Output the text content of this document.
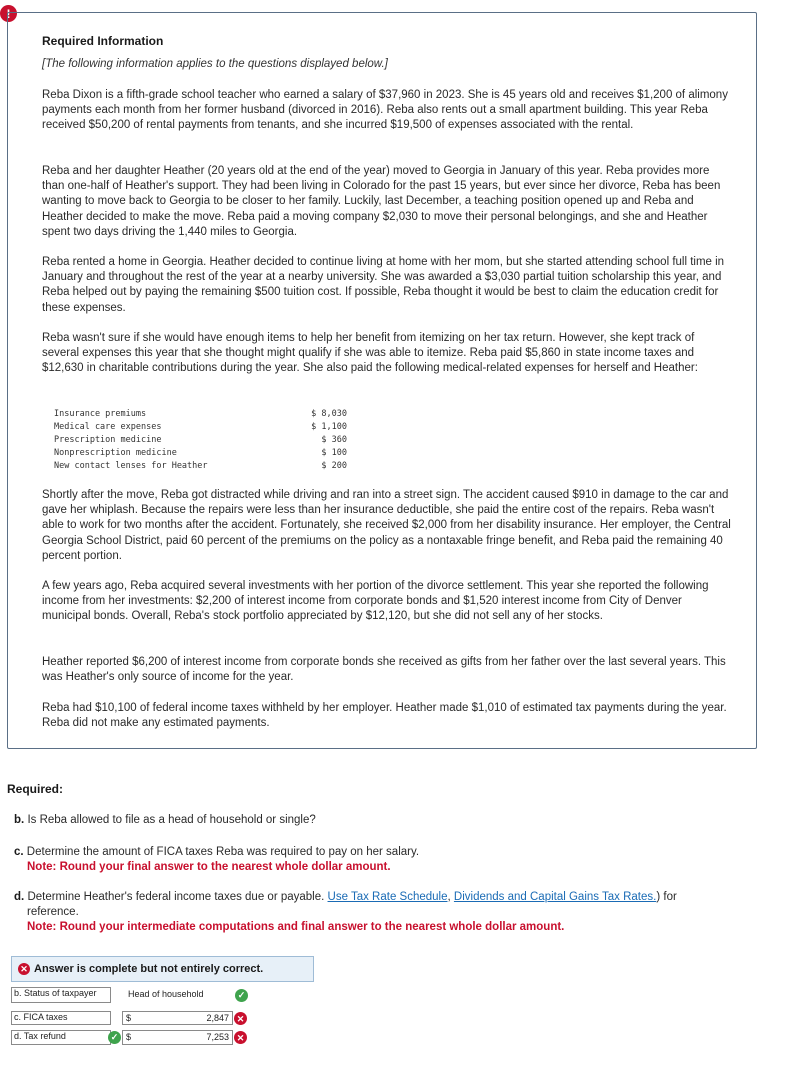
!
Required Information
[The following information applies to the questions displayed below.]

Reba Dixon is a fifth-grade school teacher who earned a salary of $37,960 in 2023. She is 45 years old and receives $1,200 of alimony payments each month from her former husband (divorced in 2016). Reba also rents out a small apartment building. This year Reba received $50,200 of rental payments from tenants, and she incurred $19,500 of expenses associated with the rental.

Reba and her daughter Heather (20 years old at the end of the year) moved to Georgia in January of this year. Reba provides more than one-half of Heather's support. They had been living in Colorado for the past 15 years, but ever since her divorce, Reba has been wanting to move back to Georgia to be closer to her family. Luckily, last December, a teaching position opened up and Reba and Heather decided to make the move. Reba paid a moving company $2,030 to move their personal belongings, and she and Heather spent two days driving the 1,440 miles to Georgia.

Reba rented a home in Georgia. Heather decided to continue living at home with her mom, but she started attending school full time in January and throughout the rest of the year at a nearby university. She was awarded a $3,030 partial tuition scholarship this year, and Reba helped out by paying the remaining $500 tuition cost. If possible, Reba thought it would be best to claim the education credit for these expenses.

Reba wasn't sure if she would have enough items to help her benefit from itemizing on her tax return. However, she kept track of several expenses this year that she thought might qualify if she was able to itemize. Reba paid $5,860 in state income taxes and $12,630 in charitable contributions during the year. She also paid the following medical-related expenses for herself and Heather:

Insurance premiums	$ 8,030
Medical care expenses	$ 1,100
Prescription medicine	$ 360
Nonprescription medicine	$ 100
New contact lenses for Heather	$ 200

Shortly after the move, Reba got distracted while driving and ran into a street sign. The accident caused $910 in damage to the car and gave her whiplash. Because the repairs were less than her insurance deductible, she paid the entire cost of the repairs. Reba wasn't able to work for two months after the accident. Fortunately, she received $2,000 from her disability insurance. Her employer, the Central Georgia School District, paid 60 percent of the premiums on the policy as a nontaxable fringe benefit, and Reba paid the remaining 40 percent portion.

A few years ago, Reba acquired several investments with her portion of the divorce settlement. This year she reported the following income from her investments: $2,200 of interest income from corporate bonds and $1,520 interest income from City of Denver municipal bonds. Overall, Reba's stock portfolio appreciated by $12,120, but she did not sell any of her stocks.

Heather reported $6,200 of interest income from corporate bonds she received as gifts from her father over the last several years. This was Heather's only source of income for the year.

Reba had $10,100 of federal income taxes withheld by her employer. Heather made $1,010 of estimated tax payments during the year. Reba did not make any estimated payments.

Required:
b. Is Reba allowed to file as a head of household or single?
c. Determine the amount of FICA taxes Reba was required to pay on her salary.
Note: Round your final answer to the nearest whole dollar amount.
d. Determine Heather's federal income taxes due or payable. Use Tax Rate Schedule, Dividends and Capital Gains Tax Rates.) for
reference.
Note: Round your intermediate computations and final answer to the nearest whole dollar amount.
✕ Answer is complete but not entirely correct.
b. Status of taxpayer	Head of household	✓
c. FICA taxes	$	2,847 ✕
d. Tax refund	✓ $	7,253 ✕
